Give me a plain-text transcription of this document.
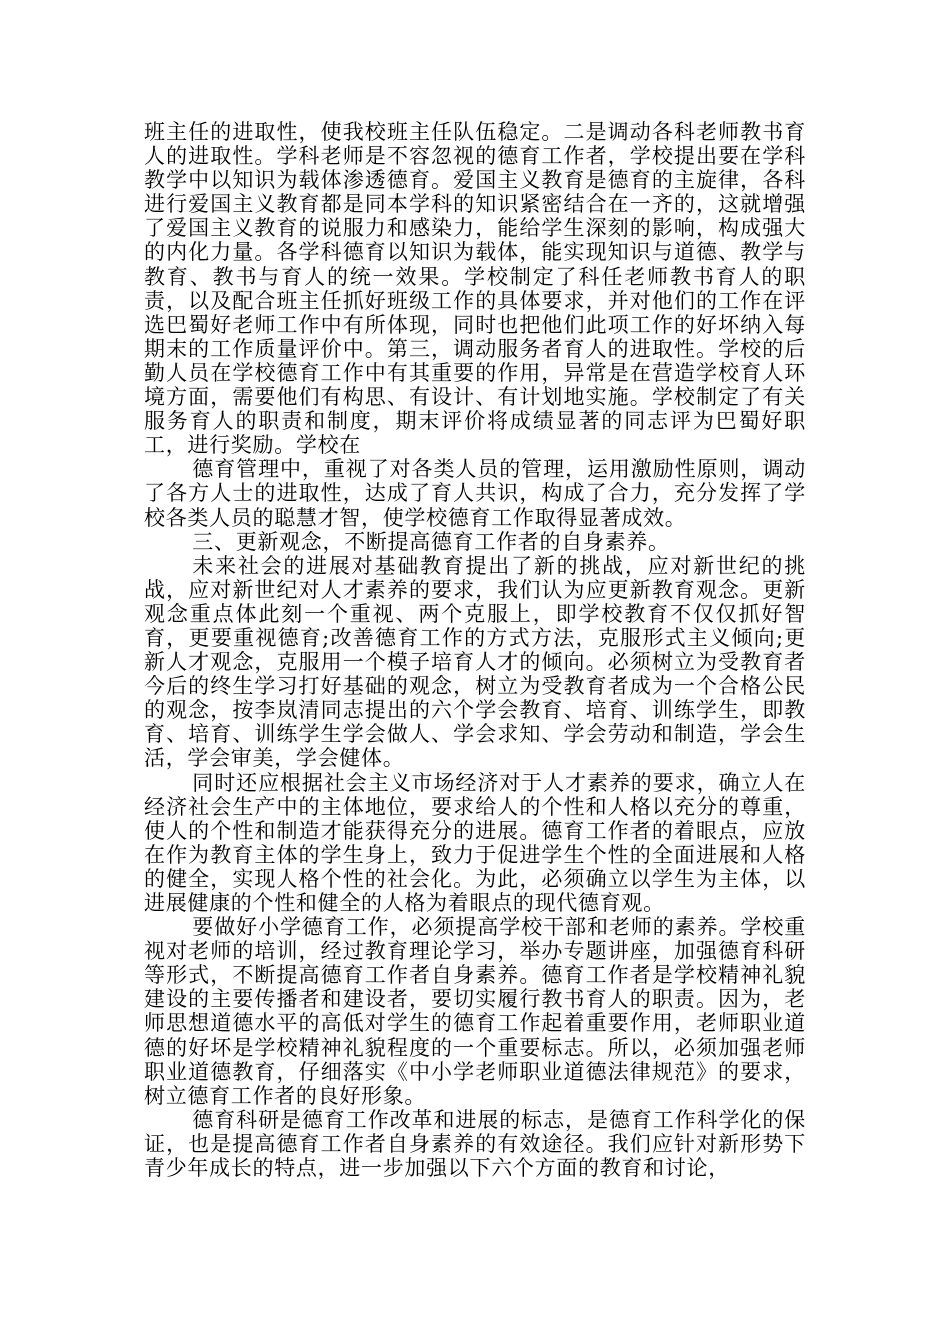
班主任的进取性，使我校班主任队伍稳定。二是调动各科老师教书育人的进取性。学科老师是不容忽视的德育工作者，学校提出要在学科教学中以知识为载体渗透德育。爱国主义教育是德育的主旋律，各科进行爱国主义教育都是同本学科的知识紧密结合在一齐的，这就增强了爱国主义教育的说服力和感染力，能给学生深刻的影响，构成强大的内化力量。各学科德育以知识为载体，能实现知识与道德、教学与教育、教书与育人的统一效果。学校制定了科任老师教书育人的职责，以及配合班主任抓好班级工作的具体要求，并对他们的工作在评选巴蜀好老师工作中有所体现，同时也把他们此项工作的好坏纳入每期末的工作质量评价中。第三，调动服务者育人的进取性。学校的后勤人员在学校德育工作中有其重要的作用，异常是在营造学校育人环境方面，需要他们有构思、有设计、有计划地实施。学校制定了有关服务育人的职责和制度，期末评价将成绩显著的同志评为巴蜀好职工，进行奖励。学校在

德育管理中，重视了对各类人员的管理，运用激励性原则，调动了各方人士的进取性，达成了育人共识，构成了合力，充分发挥了学校各类人员的聪慧才智，使学校德育工作取得显著成效。

三、更新观念，不断提高德育工作者的自身素养。

未来社会的进展对基础教育提出了新的挑战，应对新世纪的挑战，应对新世纪对人才素养的要求，我们认为应更新教育观念。更新观念重点体此刻一个重视、两个克服上，即学校教育不仅仅抓好智育，更要重视德育;改善德育工作的方式方法，克服形式主义倾向;更新人才观念，克服用一个模子培育人才的倾向。必须树立为受教育者今后的终生学习打好基础的观念，树立为受教育者成为一个合格公民的观念，按李岚清同志提出的六个学会教育、培育、训练学生，即教育、培育、训练学生学会做人、学会求知、学会劳动和制造，学会生活，学会审美，学会健体。

同时还应根据社会主义市场经济对于人才素养的要求，确立人在经济社会生产中的主体地位，要求给人的个性和人格以充分的尊重，使人的个性和制造才能获得充分的进展。德育工作者的着眼点，应放在作为教育主体的学生身上，致力于促进学生个性的全面进展和人格的健全，实现人格个性的社会化。为此，必须确立以学生为主体，以进展健康的个性和健全的人格为着眼点的现代德育观。

要做好小学德育工作，必须提高学校干部和老师的素养。学校重视对老师的培训，经过教育理论学习，举办专题讲座，加强德育科研等形式，不断提高德育工作者自身素养。德育工作者是学校精神礼貌建设的主要传播者和建设者，要切实履行教书育人的职责。因为，老师思想道德水平的高低对学生的德育工作起着重要作用，老师职业道德的好坏是学校精神礼貌程度的一个重要标志。所以，必须加强老师职业道德教育，仔细落实《中小学老师职业道德法律规范》的要求，树立德育工作者的良好形象。

德育科研是德育工作改革和进展的标志，是德育工作科学化的保证，也是提高德育工作者自身素养的有效途径。我们应针对新形势下青少年成长的特点，进一步加强以下六个方面的教育和讨论，
